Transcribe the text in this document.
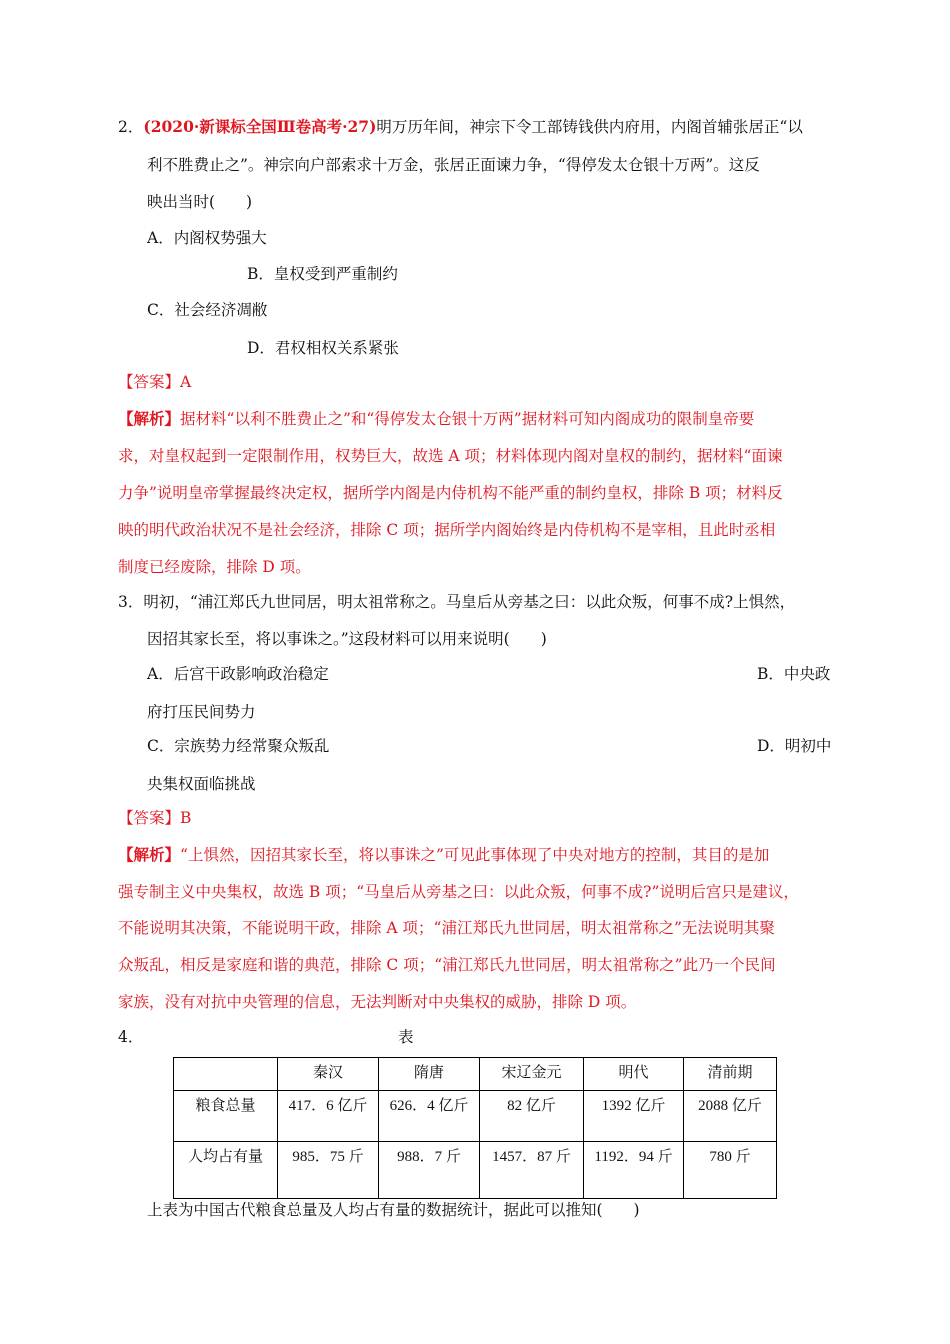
2．(2020·新课标全国Ⅲ卷高考·27)明万历年间，神宗下令工部铸钱供内府用，内阁首辅张居正“以
利不胜费止之”。神宗向户部索求十万金，张居正面谏力争，“得停发太仓银十万两”。这反
映出当时(　　)
A．内阁权势强大
B．皇权受到严重制约
C．社会经济凋敝
D．君权相权关系紧张
【答案】A
【解析】据材料“以利不胜费止之”和“得停发太仓银十万两”据材料可知内阁成功的限制皇帝要
求，对皇权起到一定限制作用，权势巨大，故选 A 项；材料体现内阁对皇权的制约，据材料“面谏
力争”说明皇帝掌握最终决定权，据所学内阁是内侍机构不能严重的制约皇权，排除 B 项；材料反
映的明代政治状况不是社会经济，排除 C 项；据所学内阁始终是内侍机构不是宰相，且此时丞相
制度已经废除，排除 D 项。
3．明初，“浦江郑氏九世同居，明太祖常称之。马皇后从旁基之曰：以此众叛，何事不成?上惧然，
因招其家长至，将以事诛之。”这段材料可以用来说明(　　)
A．后宫干政影响政治稳定	B．中央政
府打压民间势力
C．宗族势力经常聚众叛乱	D．明初中
央集权面临挑战
【答案】B
【解析】“上惧然，因招其家长至，将以事诛之”可见此事体现了中央对地方的控制，其目的是加
强专制主义中央集权，故选 B 项；“马皇后从旁基之曰：以此众叛，何事不成?”说明后宫只是建议，
不能说明其决策，不能说明干政，排除 A 项；“浦江郑氏九世同居，明太祖常称之”无法说明其聚
众叛乱，相反是家庭和谐的典范，排除 C 项；“浦江郑氏九世同居，明太祖常称之”此乃一个民间
家族，没有对抗中央管理的信息，无法判断对中央集权的威胁，排除 D 项。
4．	表
	秦汉	隋唐	宋辽金元	明代	清前期
粮食总量	417．6 亿斤	626．4 亿斤	82 亿斤	1392 亿斤	2088 亿斤
人均占有量	985．75 斤	988．7 斤	1457．87 斤	1192．94 斤	780 斤
上表为中国古代粮食总量及人均占有量的数据统计，据此可以推知(　　)
